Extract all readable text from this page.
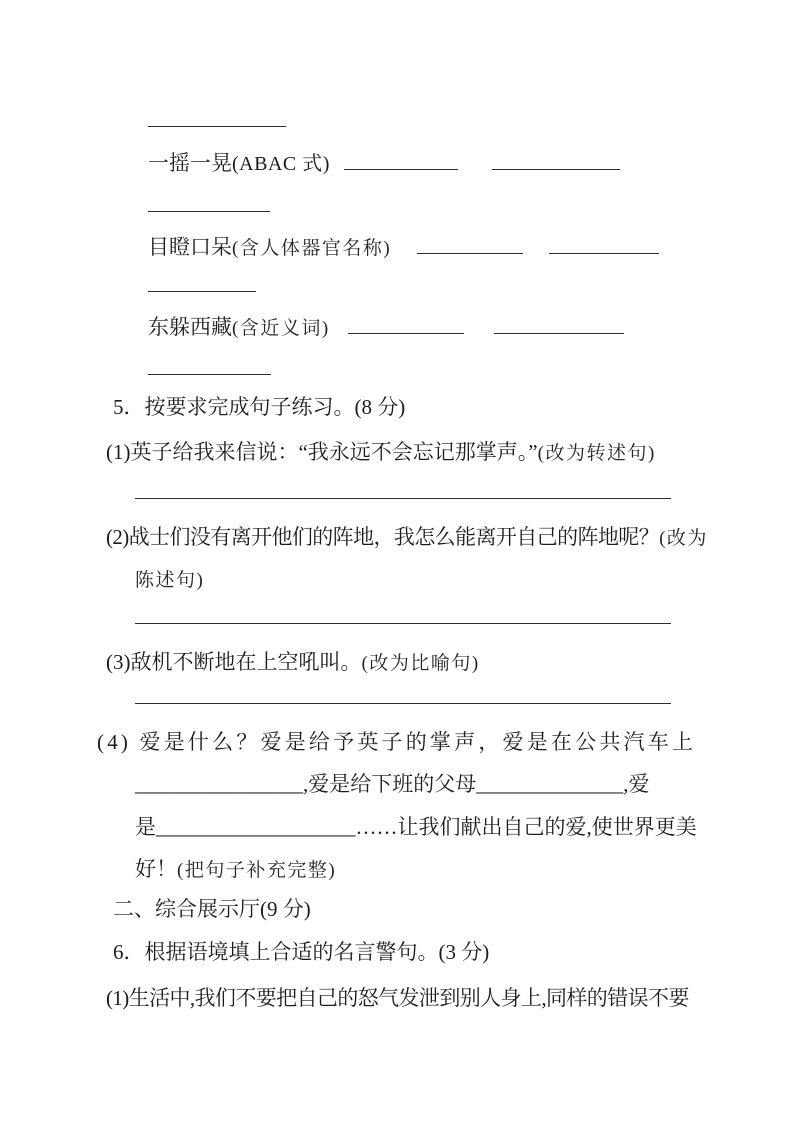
一摇一晃(ABAC 式)
目瞪口呆(含人体器官名称)
东躲西藏(含近义词)
5．按要求完成句子练习。(8 分)
(1)英子给我来信说：“我永远不会忘记那掌声。”(改为转述句)
(2)战士们没有离开他们的阵地，我怎么能离开自己的阵地呢？(改为
陈述句)
(3)敌机不断地在上空吼叫。(改为比喻句)
(4) 爱是什么？爱是给予英子的掌声，爱是在公共汽车上
________________,爱是给下班的父母______________,爱
是___________________……让我们献出自己的爱,使世界更美
好！(把句子补充完整)
二、综合展示厅(9 分)
6．根据语境填上合适的名言警句。(3 分)
(1)生活中,我们不要把自己的怒气发泄到别人身上,同样的错误不要
